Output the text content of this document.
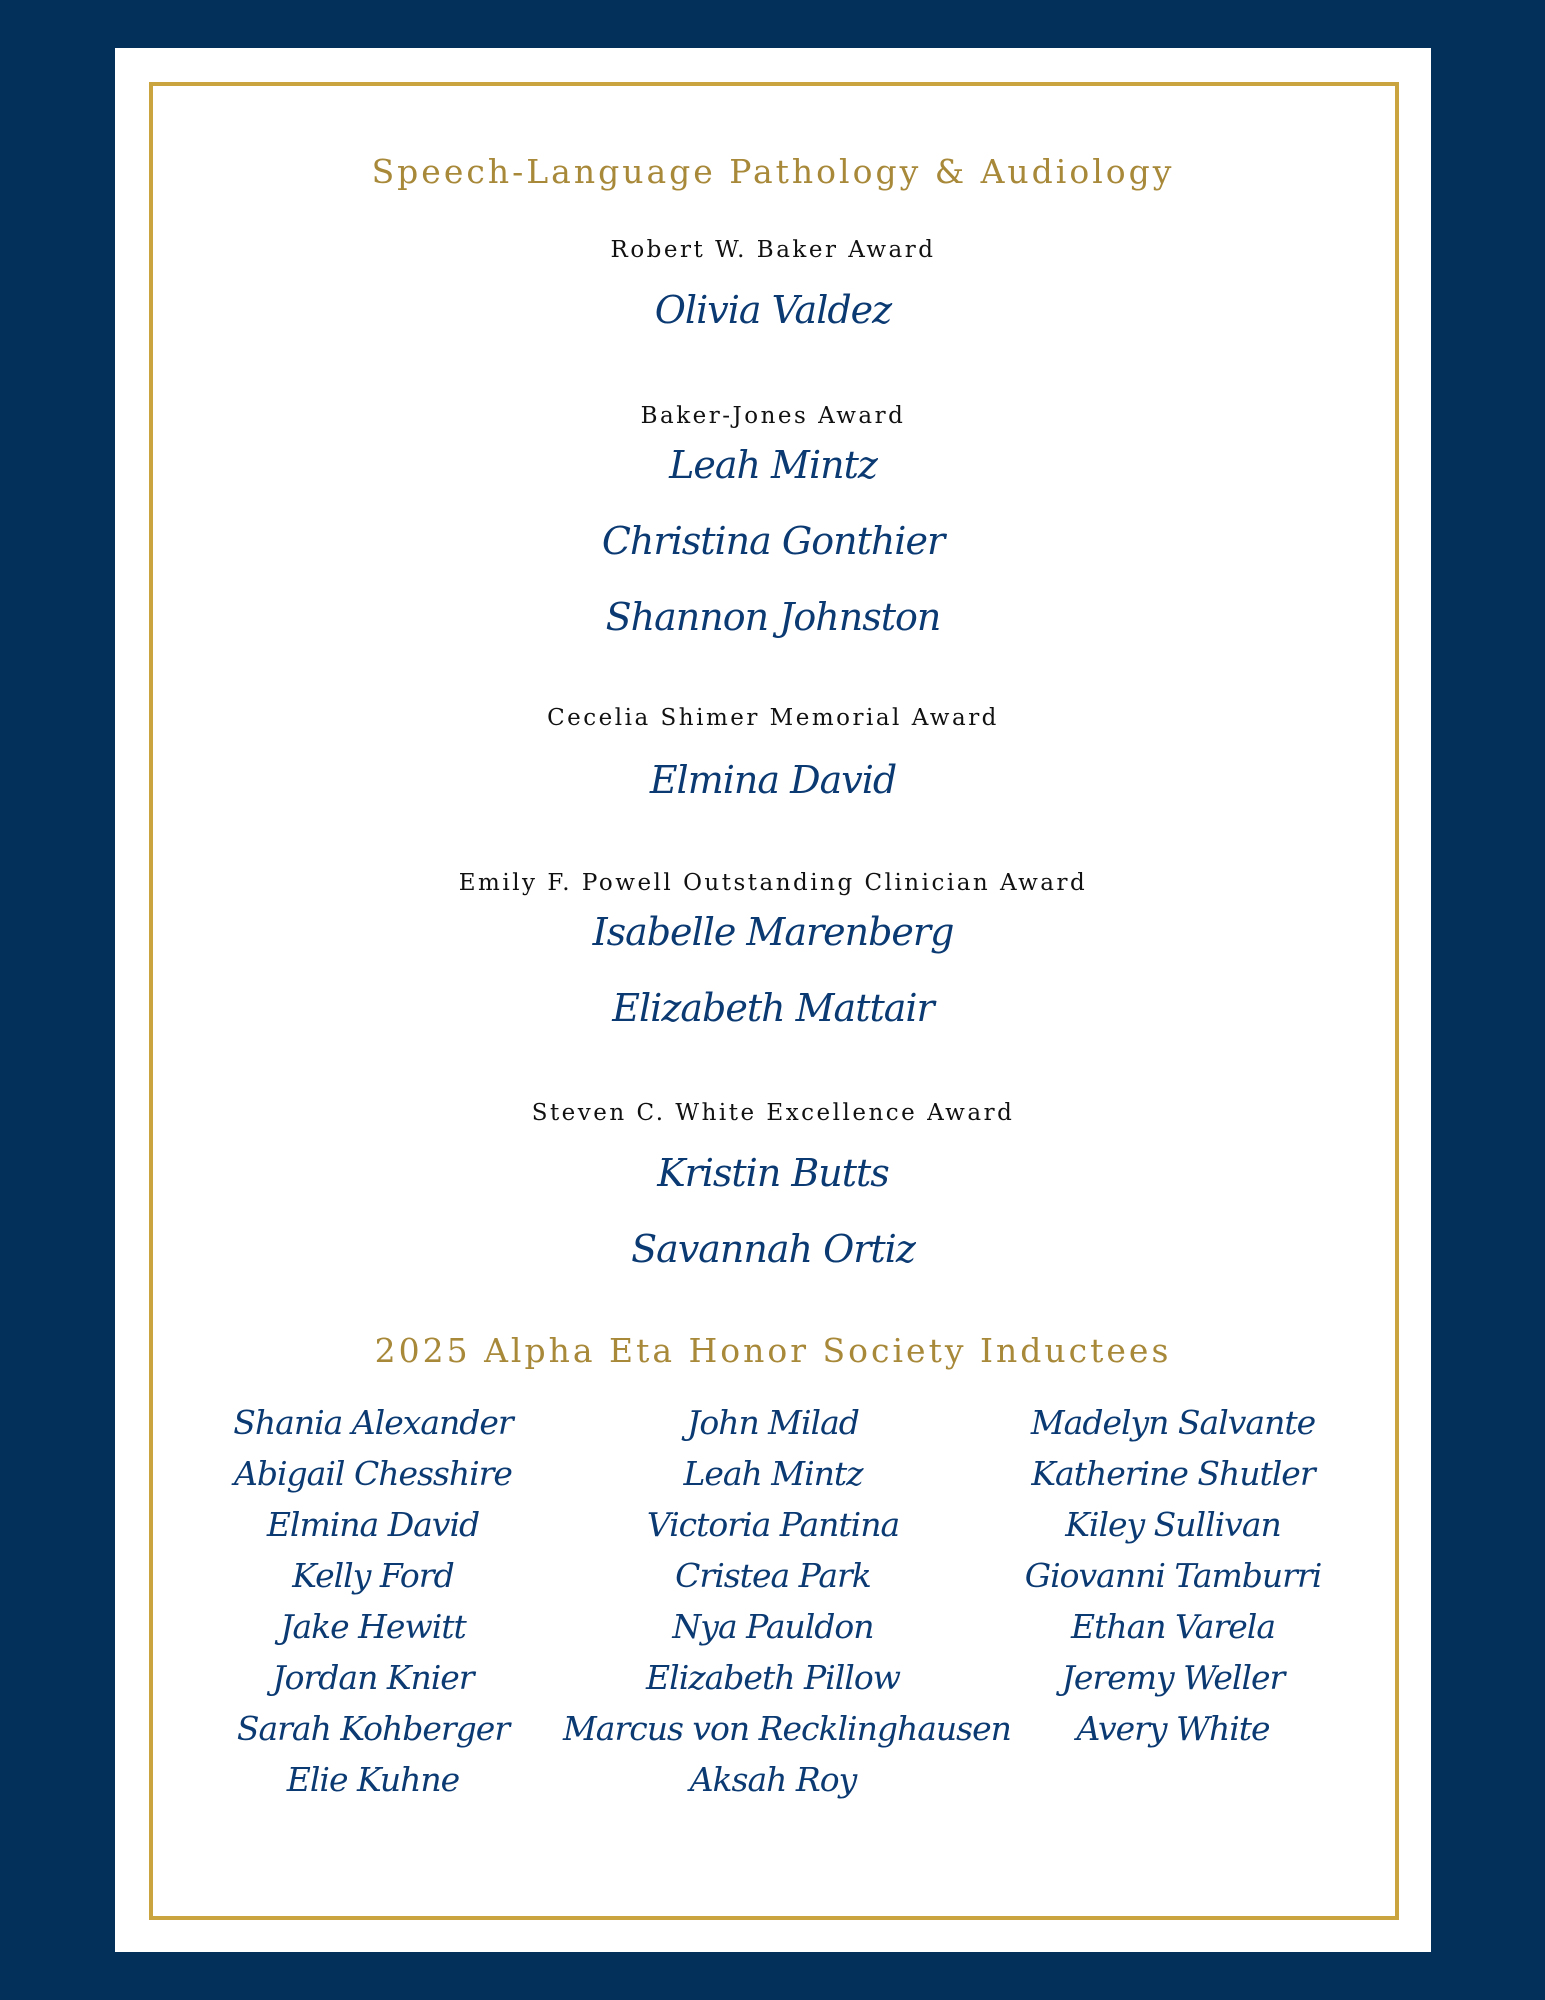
Speech-Language Pathology & Audiology
Robert W. Baker Award
Olivia Valdez
Baker-Jones Award
Leah Mintz
Christina Gonthier
Shannon Johnston
Cecelia Shimer Memorial Award
Elmina David
Emily F. Powell Outstanding Clinician Award
Isabelle Marenberg
Elizabeth Mattair
Steven C. White Excellence Award
Kristin Butts
Savannah Ortiz
2025 Alpha Eta Honor Society Inductees
Shania Alexander
Abigail Chesshire
Elmina David
Kelly Ford
Jake Hewitt
Jordan Knier
Sarah Kohberger
Elie Kuhne
John Milad
Leah Mintz
Victoria Pantina
Cristea Park
Nya Pauldon
Elizabeth Pillow
Marcus von Recklinghausen
Aksah Roy
Madelyn Salvante
Katherine Shutler
Kiley Sullivan
Giovanni Tamburri
Ethan Varela
Jeremy Weller
Avery White
